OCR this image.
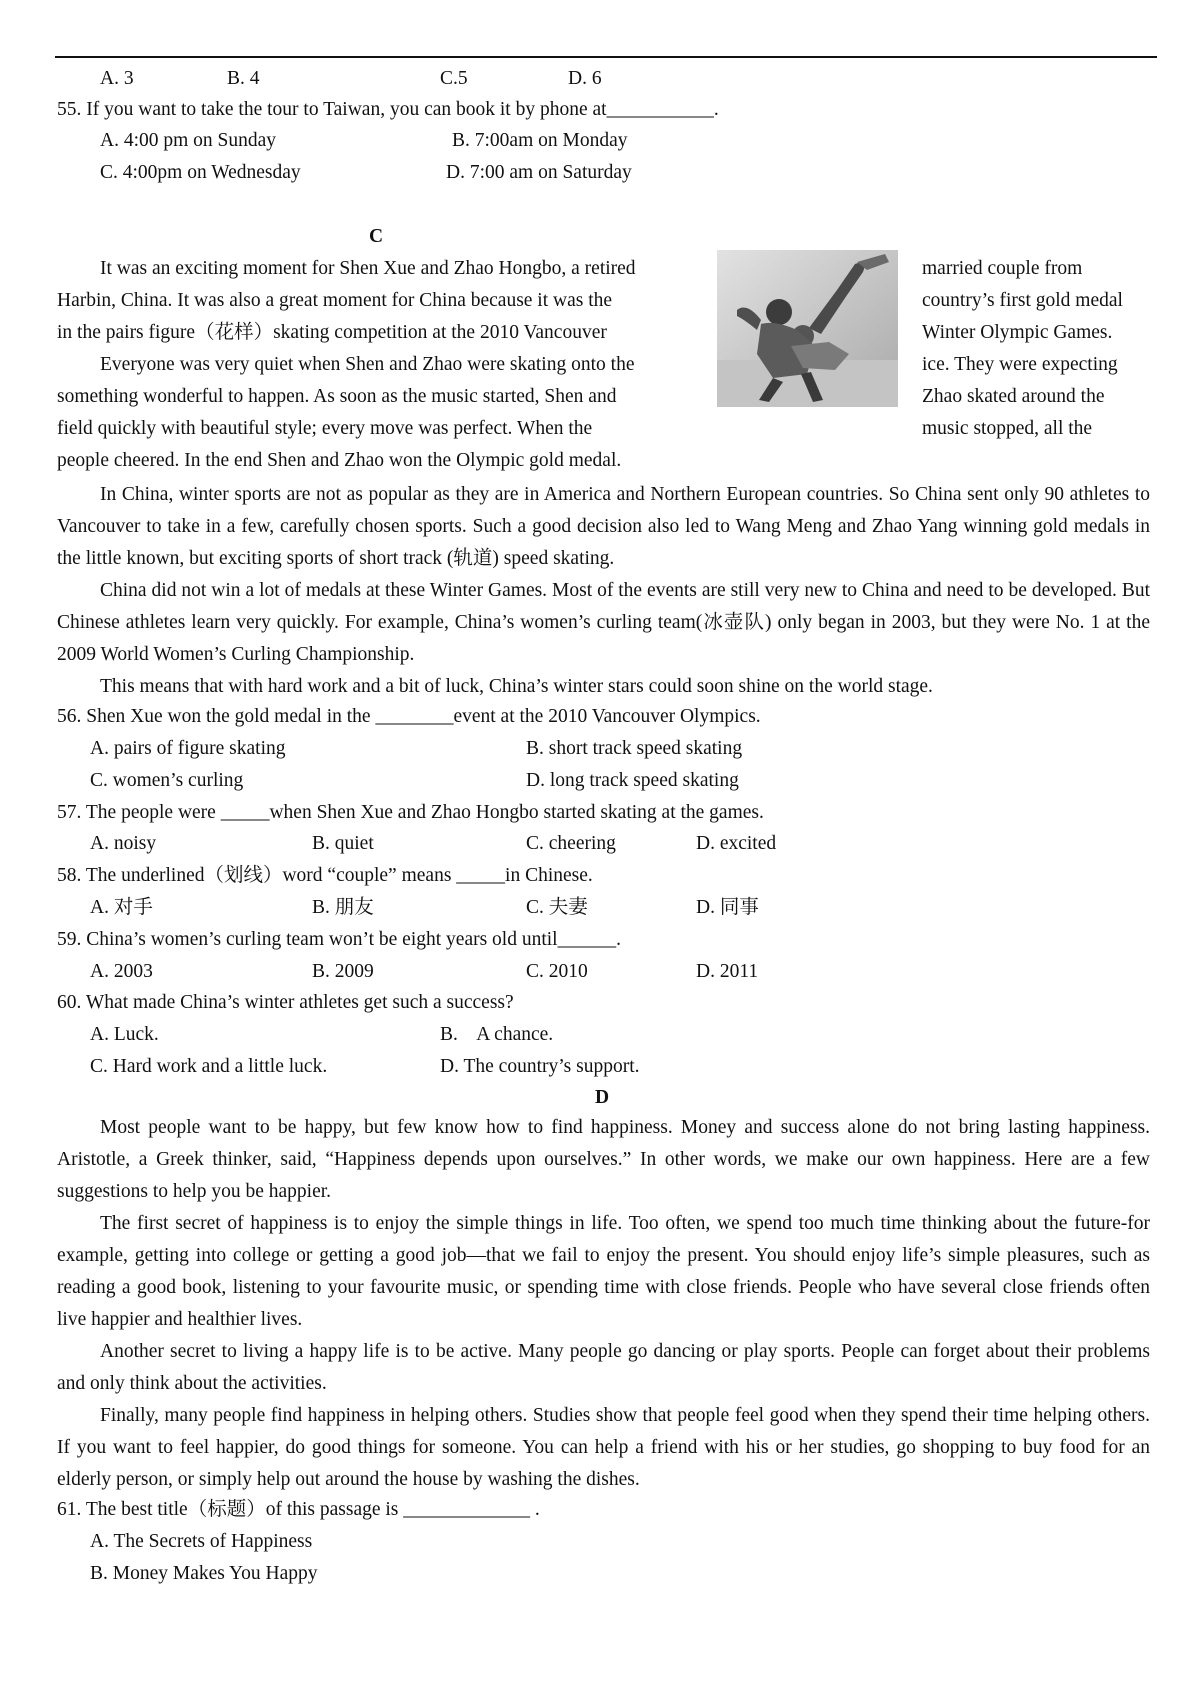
A. 3	B. 4	C.5	D. 6
55. If you want to take the tour to Taiwan, you can book it by phone at___________.
A. 4:00 pm on Sunday	B. 7:00am on Monday
C. 4:00pm on Wednesday	D. 7:00 am on Saturday
C
It was an exciting moment for Shen Xue and Zhao Hongbo, a retired
Harbin, China. It was also a great moment for China because it was the
in the pairs figure（花样）skating competition at the 2010 Vancouver
Everyone was very quiet when Shen and Zhao were skating onto the
something wonderful to happen. As soon as the music started, Shen and
field quickly with beautiful style; every move was perfect. When the
people cheered. In the end Shen and Zhao won the Olympic gold medal.
married couple from
country’s first gold medal
Winter Olympic Games.
ice. They were expecting
Zhao skated around the
music stopped, all the

In China, winter sports are not as popular as they are in America and Northern European countries. So China sent only 90 athletes to Vancouver to take in a few, carefully chosen sports. Such a good decision also led to Wang Meng and Zhao Yang winning gold medals in the little known, but exciting sports of short track (轨道) speed skating.

China did not win a lot of medals at these Winter Games. Most of the events are still very new to China and need to be developed. But Chinese athletes learn very quickly. For example, China’s women’s curling team(冰壶队) only began in 2003, but they were No. 1 at the 2009 World Women’s Curling Championship.

This means that with hard work and a bit of luck, China’s winter stars could soon shine on the world stage.

56. Shen Xue won the gold medal in the ________event at the 2010 Vancouver Olympics.
A. pairs of figure skating	B. short track speed skating
C. women’s curling	D. long track speed skating
57. The people were _____when Shen Xue and Zhao Hongbo started skating at the games.
A. noisy	B. quiet	C. cheering	D. excited
58. The underlined（划线）word “couple” means _____in Chinese.
A. 对手	B. 朋友	C. 夫妻	D. 同事
59. China’s women’s curling team won’t be eight years old until______.
A. 2003	B. 2009	C. 2010	D. 2011
60. What made China’s winter athletes get such a success?
A. Luck.	B.    A chance.
C. Hard work and a little luck.	D. The country’s support.
D

Most people want to be happy, but few know how to find happiness. Money and success alone do not bring lasting happiness. Aristotle, a Greek thinker, said, “Happiness depends upon ourselves.” In other words, we make our own happiness. Here are a few suggestions to help you be happier.

The first secret of happiness is to enjoy the simple things in life. Too often, we spend too much time thinking about the future-for example, getting into college or getting a good job—that we fail to enjoy the present. You should enjoy life’s simple pleasures, such as reading a good book, listening to your favourite music, or spending time with close friends. People who have several close friends often live happier and healthier lives.

Another secret to living a happy life is to be active. Many people go dancing or play sports. People can forget about their problems and only think about the activities.

Finally, many people find happiness in helping others. Studies show that people feel good when they spend their time helping others. If you want to feel happier, do good things for someone. You can help a friend with his or her studies, go shopping to buy food for an elderly person, or simply help out around the house by washing the dishes.

61. The best title（标题）of this passage is _____________ .
A. The Secrets of Happiness
B. Money Makes You Happy
